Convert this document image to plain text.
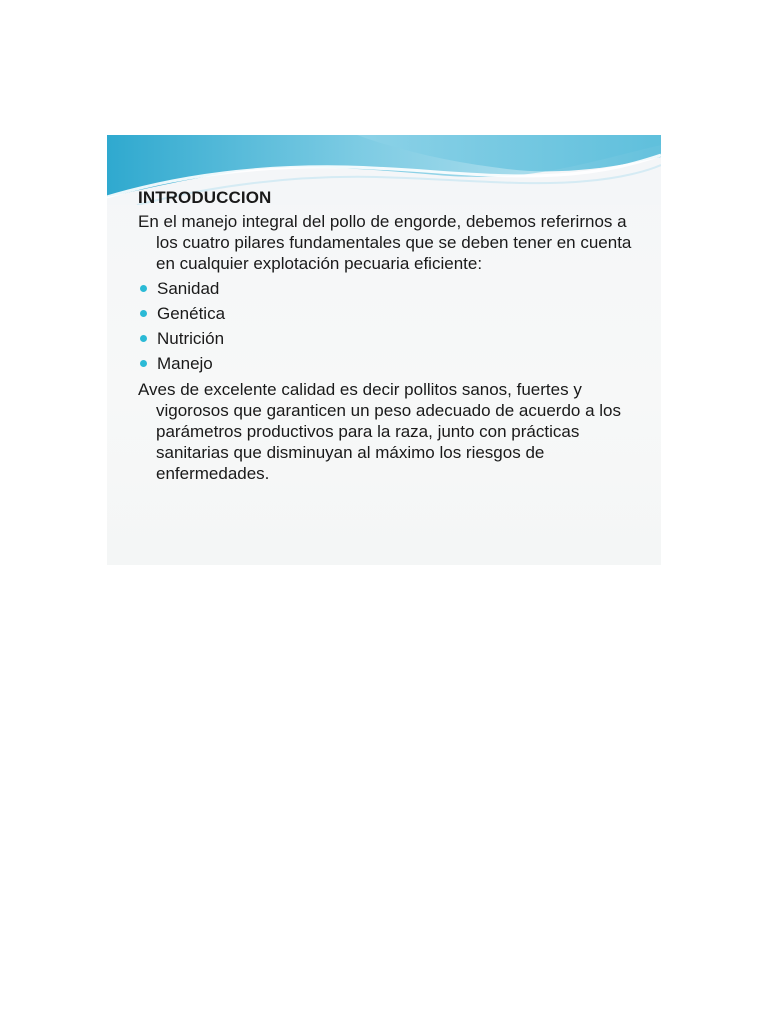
INTRODUCCION

En el manejo integral del pollo de engorde, debemos referirnos a los cuatro pilares fundamentales que se deben tener en cuenta en cualquier explotación pecuaria eficiente:

Sanidad
Genética
Nutrición
Manejo

Aves de excelente calidad es decir pollitos sanos, fuertes y vigorosos que garanticen un peso adecuado de acuerdo a los parámetros productivos para la raza, junto con prácticas sanitarias que disminuyan al máximo los riesgos de enfermedades.
